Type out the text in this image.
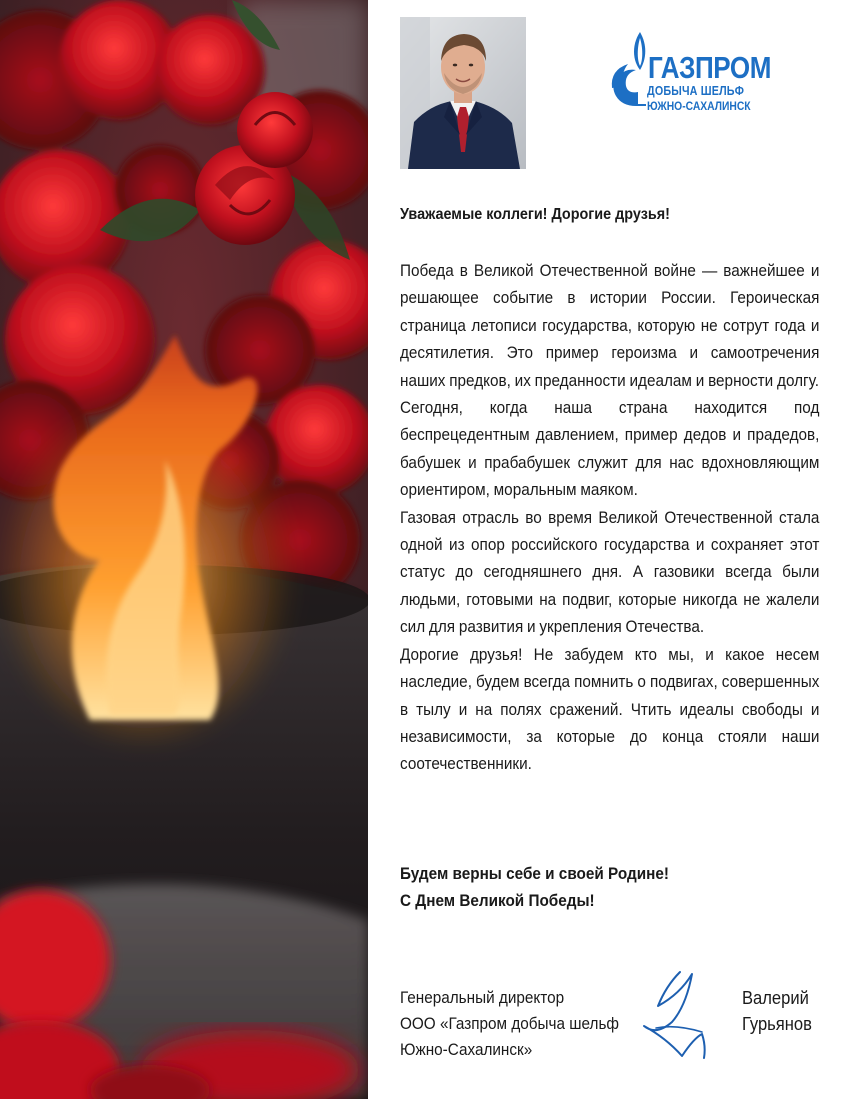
ГАЗПРОМ
ДОБЫЧА ШЕЛЬФ
ЮЖНО-САХАЛИНСК
Уважаемые коллеги! Дорогие друзья!

Победа в Великой Отечественной войне — важнейшее и решающее событие в истории России. Героическая страница летописи государства, которую не сотрут года и десятилетия. Это пример героизма и самоотречения наших предков, их преданности идеалам и верности долгу.

Сегодня, когда наша страна находится под беспрецедентным давлением, пример дедов и прадедов, бабушек и прабабушек служит для нас вдохновляющим ориентиром, моральным маяком.

Газовая отрасль во время Великой Отечественной стала одной из опор российского государства и сохраняет этот статус до сегодняшнего дня. А газовики всегда были людьми, готовыми на подвиг, которые никогда не жалели сил для развития и укрепления Отечества.

Дорогие друзья! Не забудем кто мы, и какое несем наследие, будем всегда помнить о подвигах, совершенных в тылу и на полях сражений. Чтить идеалы свободы и независимости, за которые до конца стояли наши соотечественники.

Будем верны себе и своей Родине!
С Днем Великой Победы!
Генеральный директор
ООО «Газпром добыча шельф
Южно-Сахалинск»
Валерий
Гурьянов
